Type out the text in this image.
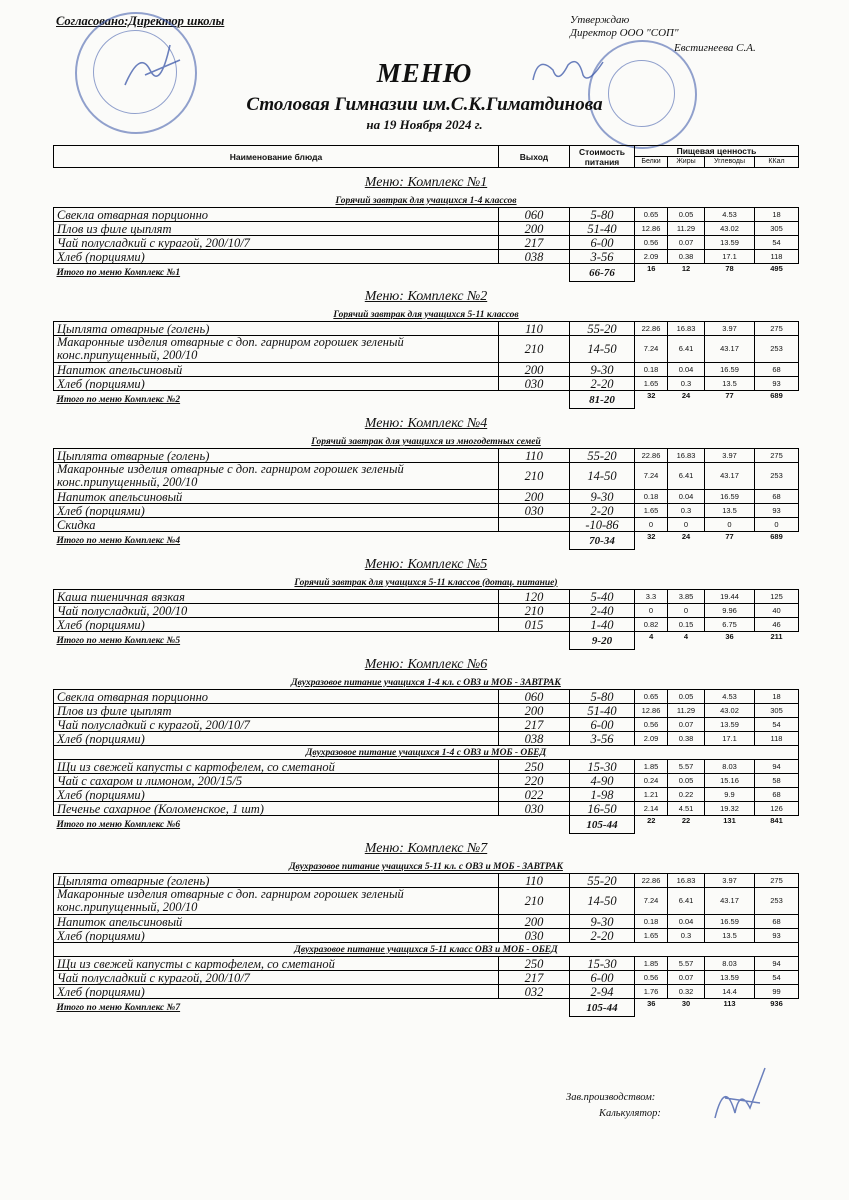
Согласовано:Директор школы	Утверждаю
Директор ООО "СОП"
Евстигнеева С.А.
МЕНЮ
Столовая Гимназии им.С.К.Гиматдинова
на 19 Ноября 2024 г.
Наименование блюда	Выход	Стоимость питания	Пищевая ценность			
			Белки	Жиры	Углеводы	ККал
Меню: Комплекс №1						
Горячий завтрак для учащихся 1-4 классов						
Свекла отварная порционно	060	5-80	0.65	0.05	4.53	18
Плов из филе цыплят	200	51-40	12.86	11.29	43.02	305
Чай полусладкий с курагой, 200/10/7	217	6-00	0.56	0.07	13.59	54
Хлеб (порциями)	038	3-56	2.09	0.38	17.1	118
Итого по меню Комплекс №1		66-76	16	12	78	495
Меню: Комплекс №2						
Горячий завтрак для учащихся 5-11 классов						
Цыплята отварные (голень)	110	55-20	22.86	16.83	3.97	275
Макаронные изделия отварные с доп. гарниром горошек зеленый конс.припущенный, 200/10	210	14-50	7.24	6.41	43.17	253
Напиток апельсиновый	200	9-30	0.18	0.04	16.59	68
Хлеб (порциями)	030	2-20	1.65	0.3	13.5	93
Итого по меню Комплекс №2		81-20	32	24	77	689
Меню: Комплекс №4						
Горячий завтрак для учащихся из многодетных семей						
Цыплята отварные (голень)	110	55-20	22.86	16.83	3.97	275
Макаронные изделия отварные с доп. гарниром горошек зеленый конс.припущенный, 200/10	210	14-50	7.24	6.41	43.17	253
Напиток апельсиновый	200	9-30	0.18	0.04	16.59	68
Хлеб (порциями)	030	2-20	1.65	0.3	13.5	93
Скидка		-10-86	0	0	0	0
Итого по меню Комплекс №4		70-34	32	24	77	689
Меню: Комплекс №5						
Горячий завтрак для учащихся 5-11 классов (дотац. питание)						
Каша пшеничная вязкая	120	5-40	3.3	3.85	19.44	125
Чай полусладкий, 200/10	210	2-40	0	0	9.96	40
Хлеб (порциями)	015	1-40	0.82	0.15	6.75	46
Итого по меню Комплекс №5		9-20	4	4	36	211
Меню: Комплекс №6						
Двухразовое питание учащихся 1-4 кл. с ОВЗ и МОБ - ЗАВТРАК						
Свекла отварная порционно	060	5-80	0.65	0.05	4.53	18
Плов из филе цыплят	200	51-40	12.86	11.29	43.02	305
Чай полусладкий с курагой, 200/10/7	217	6-00	0.56	0.07	13.59	54
Хлеб (порциями)	038	3-56	2.09	0.38	17.1	118
Двухразовое питание учащихся 1-4 с ОВЗ и МОБ - ОБЕД						
Щи из свежей капусты с картофелем, со сметаной	250	15-30	1.85	5.57	8.03	94
Чай с сахаром и лимоном, 200/15/5	220	4-90	0.24	0.05	15.16	58
Хлеб (порциями)	022	1-98	1.21	0.22	9.9	68
Печенье сахарное (Коломенское, 1 шт)	030	16-50	2.14	4.51	19.32	126
Итого по меню Комплекс №6		105-44	22	22	131	841
Меню: Комплекс №7						
Двухразовое питание учащихся 5-11 кл. с ОВЗ и МОБ - ЗАВТРАК						
Цыплята отварные (голень)	110	55-20	22.86	16.83	3.97	275
Макаронные изделия отварные с доп. гарниром горошек зеленый конс.припущенный, 200/10	210	14-50	7.24	6.41	43.17	253
Напиток апельсиновый	200	9-30	0.18	0.04	16.59	68
Хлеб (порциями)	030	2-20	1.65	0.3	13.5	93
Двухразовое питание учащихся 5-11 класс ОВЗ и МОБ - ОБЕД						
Щи из свежей капусты с картофелем, со сметаной	250	15-30	1.85	5.57	8.03	94
Чай полусладкий с курагой, 200/10/7	217	6-00	0.56	0.07	13.59	54
Хлеб (порциями)	032	2-94	1.76	0.32	14.4	99
Итого по меню Комплекс №7		105-44	36	30	113	936
Зав.производством:
Калькулятор:
